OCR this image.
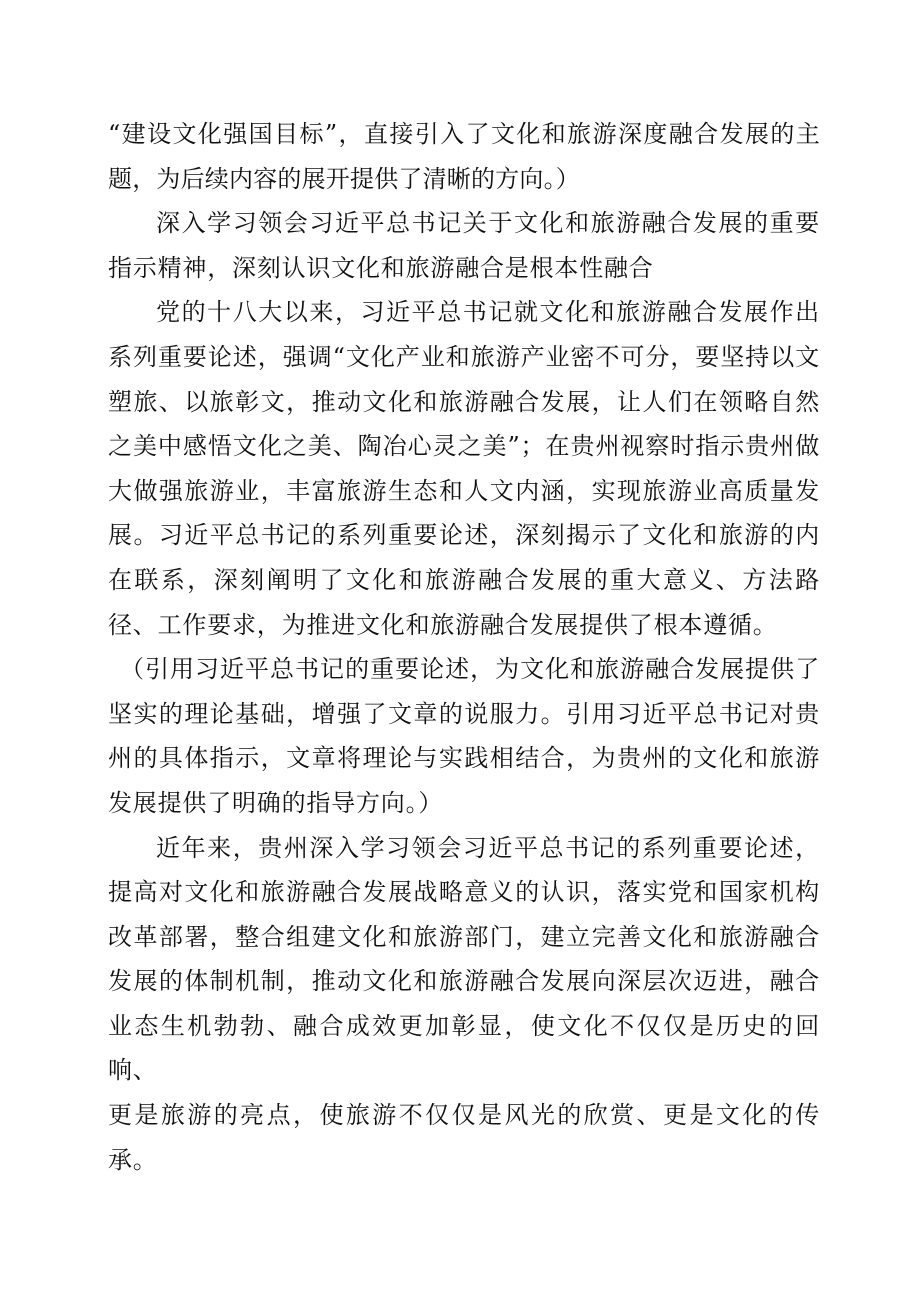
“建设文化强国目标”，直接引入了文化和旅游深度融合发展的主题，为后续内容的展开提供了清晰的方向。）

深入学习领会习近平总书记关于文化和旅游融合发展的重要指示精神，深刻认识文化和旅游融合是根本性融合

党的十八大以来，习近平总书记就文化和旅游融合发展作出系列重要论述，强调“文化产业和旅游产业密不可分，要坚持以文塑旅、以旅彰文，推动文化和旅游融合发展，让人们在领略自然之美中感悟文化之美、陶冶心灵之美”；在贵州视察时指示贵州做大做强旅游业，丰富旅游生态和人文内涵，实现旅游业高质量发展。习近平总书记的系列重要论述，深刻揭示了文化和旅游的内在联系，深刻阐明了文化和旅游融合发展的重大意义、方法路径、工作要求，为推进文化和旅游融合发展提供了根本遵循。

（引用习近平总书记的重要论述，为文化和旅游融合发展提供了坚实的理论基础，增强了文章的说服力。引用习近平总书记对贵州的具体指示，文章将理论与实践相结合，为贵州的文化和旅游发展提供了明确的指导方向。）

近年来，贵州深入学习领会习近平总书记的系列重要论述，提高对文化和旅游融合发展战略意义的认识，落实党和国家机构改革部署，整合组建文化和旅游部门，建立完善文化和旅游融合发展的体制机制，推动文化和旅游融合发展向深层次迈进，融合业态生机勃勃、融合成效更加彰显，使文化不仅仅是历史的回响、

更是旅游的亮点，使旅游不仅仅是风光的欣赏、更是文化的传承。
